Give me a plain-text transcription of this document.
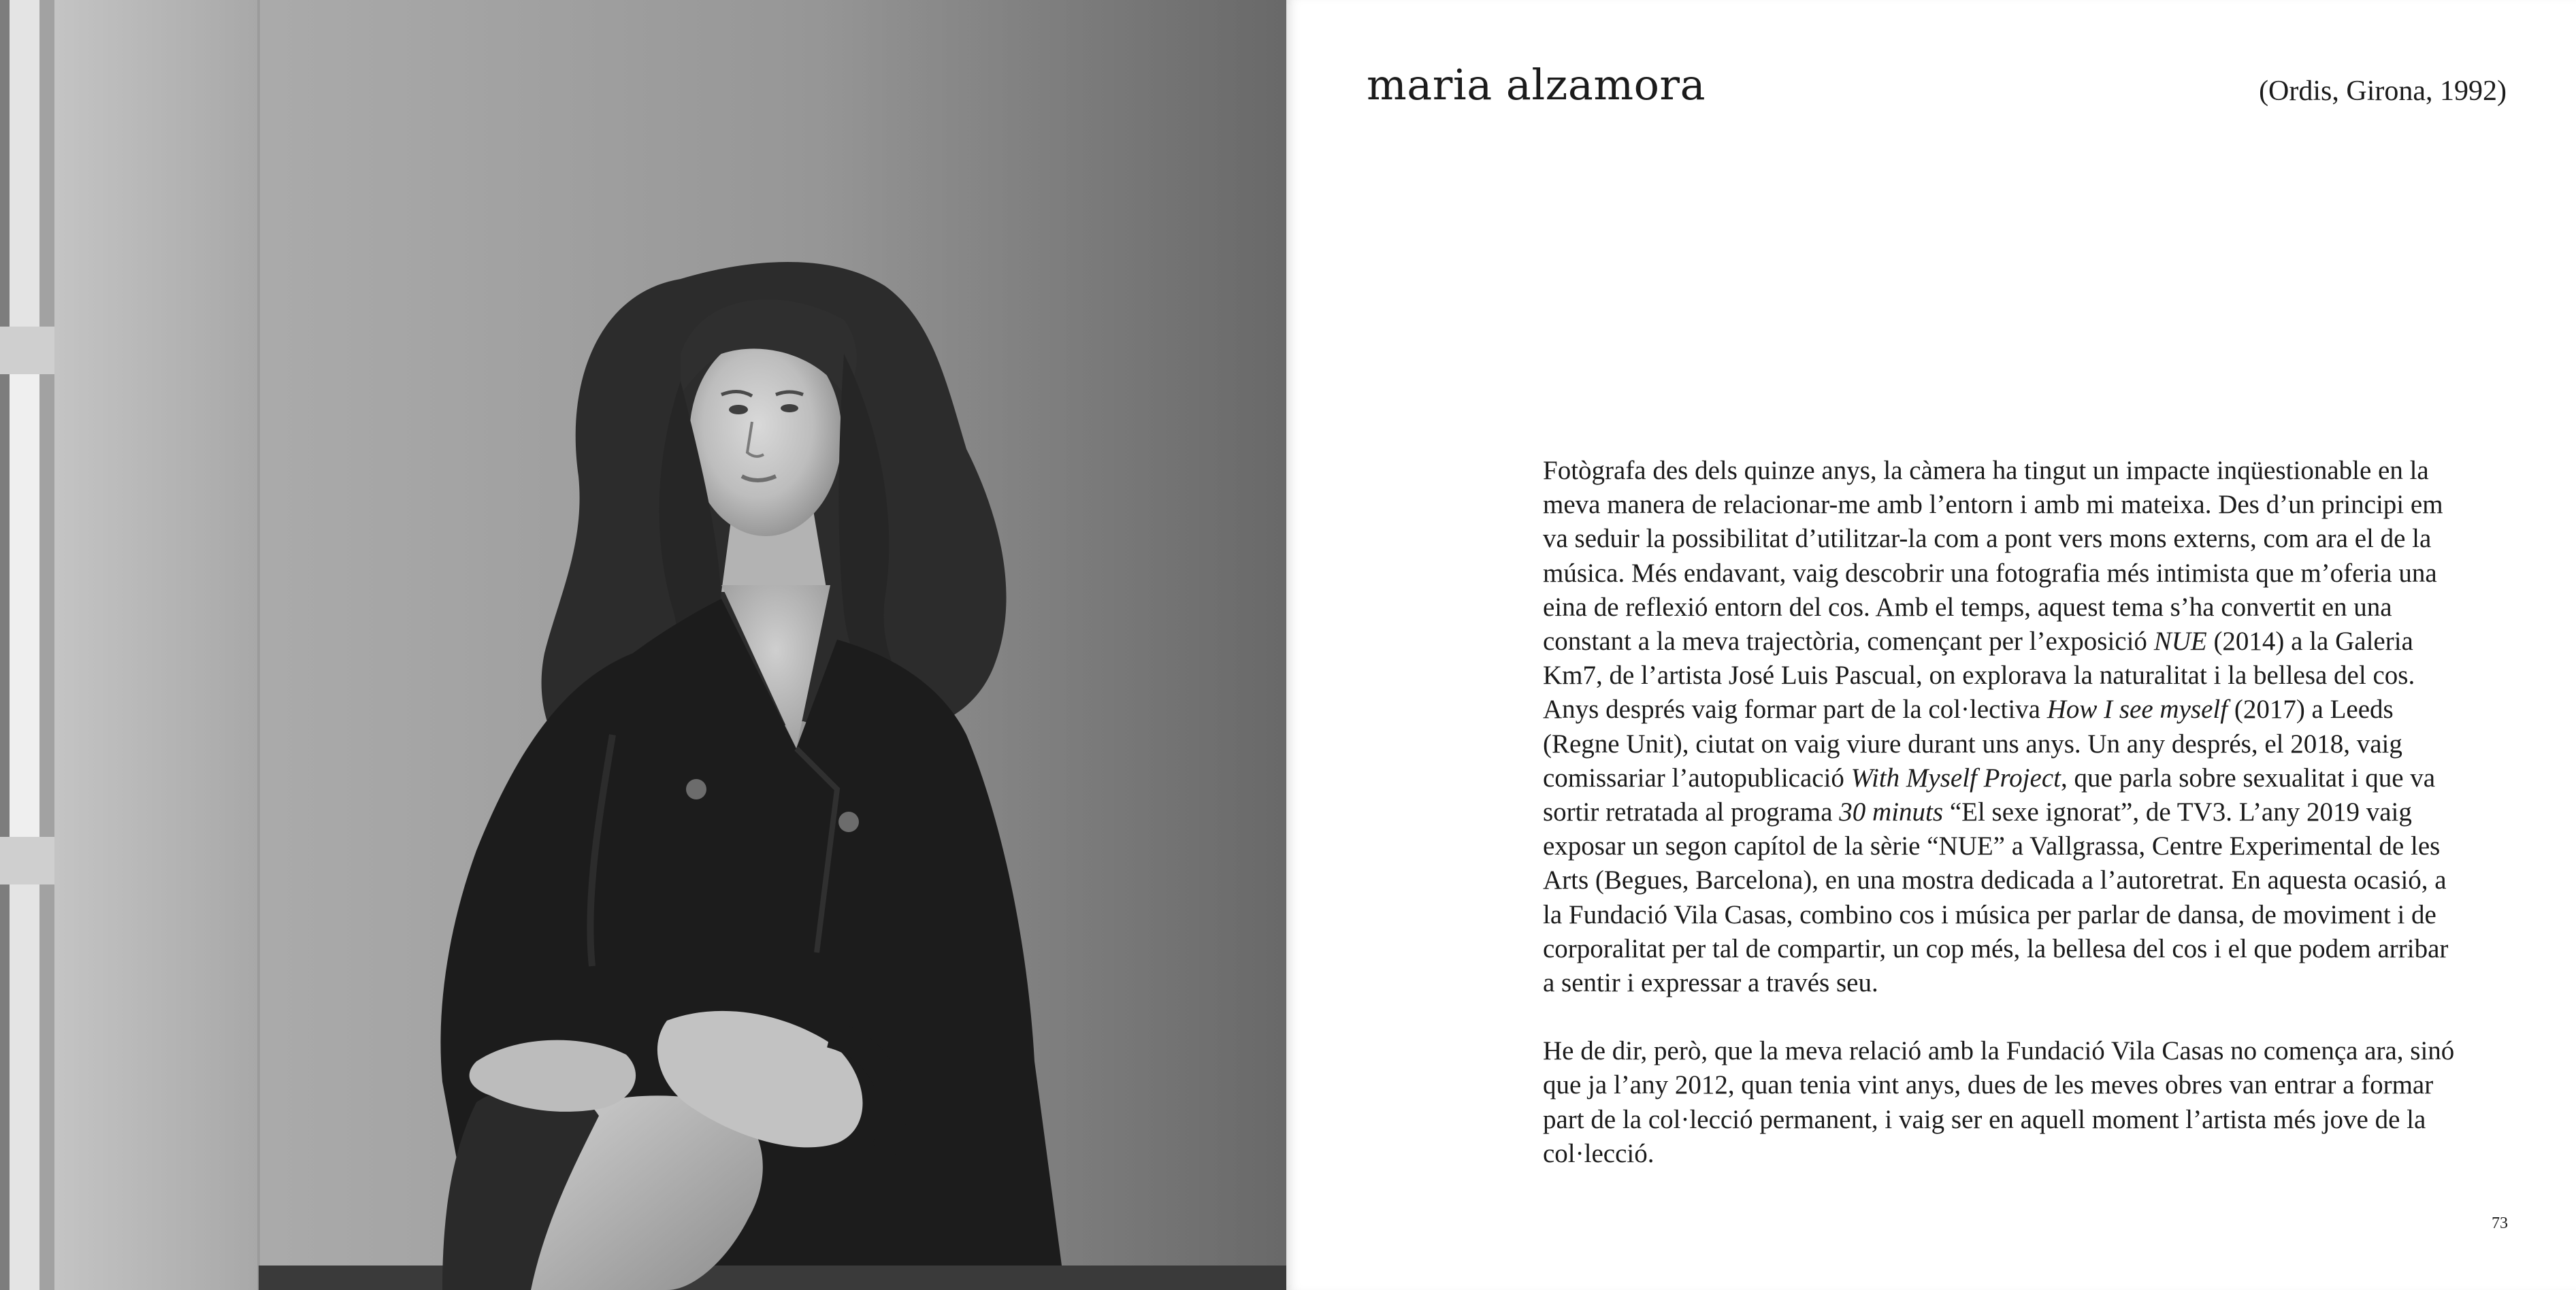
maria alzamora	(Ordis, Girona, 1992)

Fotògrafa des dels quinze anys, la càmera ha tingut un impacte inqüestionable en la meva manera de relacionar-me amb l’entorn i amb mi mateixa. Des d’un principi em va seduir la possibilitat d’utilitzar-la com a pont vers mons externs, com ara el de la música. Més endavant, vaig descobrir una fotografia més intimista que m’oferia una eina de reflexió entorn del cos. Amb el temps, aquest tema s’ha convertit en una constant a la meva trajectòria, començant per l’exposició NUE (2014) a la Galeria Km7, de l’artista José Luis Pascual, on explorava la naturalitat i la bellesa del cos. Anys després vaig formar part de la col·lectiva How I see myself (2017) a Leeds (Regne Unit), ciutat on vaig viure durant uns anys. Un any després, el 2018, vaig comissariar l’autopublicació With Myself Project, que parla sobre sexualitat i que va sortir retratada al programa 30 minuts “El sexe ignorat”, de TV3. L’any 2019 vaig exposar un segon capítol de la sèrie “NUE” a Vallgrassa, Centre Experimental de les Arts (Begues, Barcelona), en una mostra dedicada a l’autoretrat. En aquesta ocasió, a la Fundació Vila Casas, combino cos i música per parlar de dansa, de moviment i de corporalitat per tal de compartir, un cop més, la bellesa del cos i el que podem arribar a sentir i expressar a través seu.

He de dir, però, que la meva relació amb la Fundació Vila Casas no comença ara, sinó que ja l’any 2012, quan tenia vint anys, dues de les meves obres van entrar a formar part de la col·lecció permanent, i vaig ser en aquell moment l’artista més jove de la col·lecció.

73
